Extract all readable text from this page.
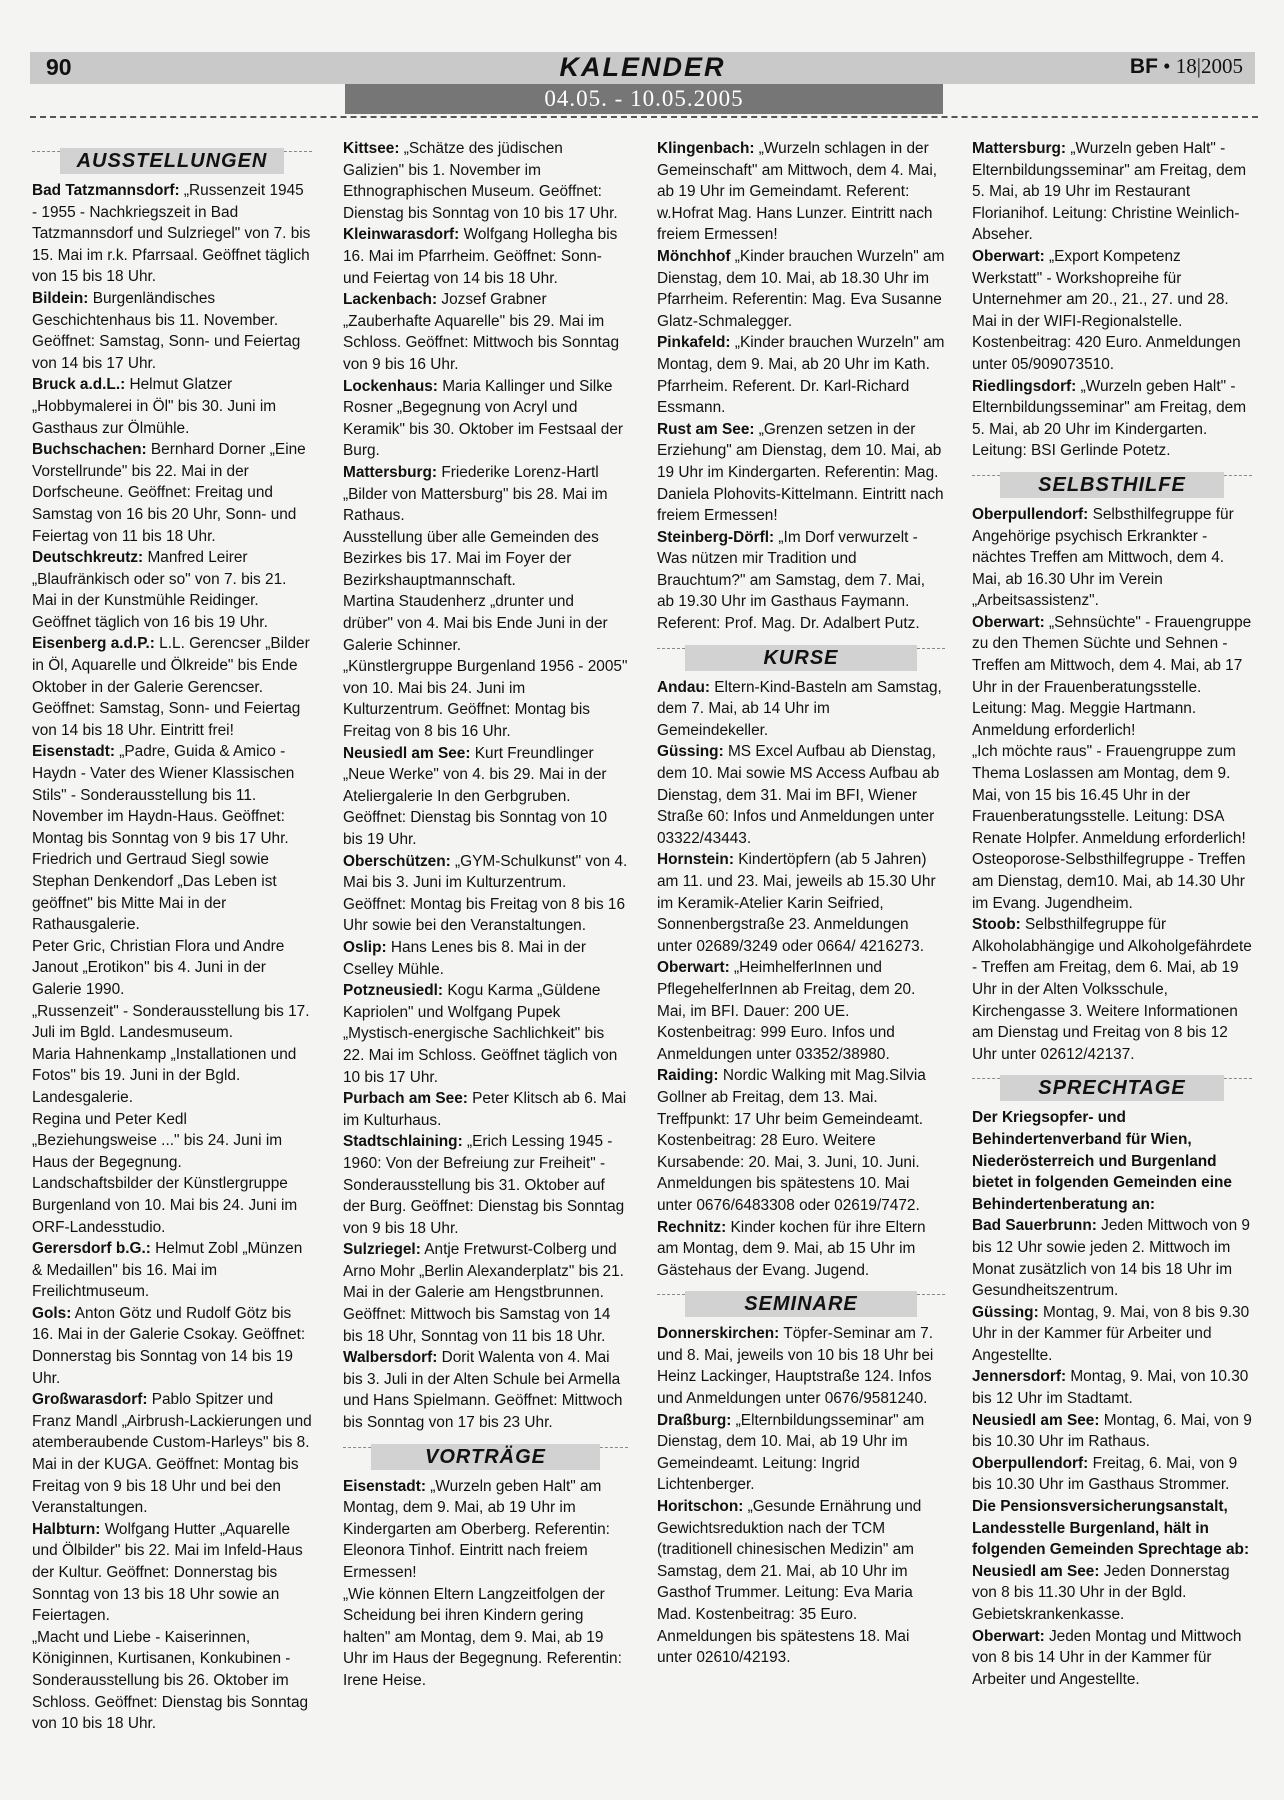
90	KALENDER	BF • 18|2005
04.05. - 10.05.2005
AUSSTELLUNGEN

Bad Tatzmannsdorf: „Russenzeit 1945 - 1955 - Nachkriegszeit in Bad Tatzmannsdorf und Sulzriegel" von 7. bis 15. Mai im r.k. Pfarrsaal. Geöffnet täglich von 15 bis 18 Uhr.

Bildein: Burgenländisches Geschichtenhaus bis 11. November. Geöffnet: Samstag, Sonn- und Feiertag von 14 bis 17 Uhr.

Bruck a.d.L.: Helmut Glatzer „Hobbymalerei in Öl" bis 30. Juni im Gasthaus zur Ölmühle.

Buchschachen: Bernhard Dorner „Eine Vorstellrunde" bis 22. Mai in der Dorfscheune. Geöffnet: Freitag und Samstag von 16 bis 20 Uhr, Sonn- und Feiertag von 11 bis 18 Uhr.

Deutschkreutz: Manfred Leirer „Blaufränkisch oder so" von 7. bis 21. Mai in der Kunstmühle Reidinger. Geöffnet täglich von 16 bis 19 Uhr.

Eisenberg a.d.P.: L.L. Gerencser „Bilder in Öl, Aquarelle und Ölkreide" bis Ende Oktober in der Galerie Gerencser. Geöffnet: Samstag, Sonn- und Feiertag von 14 bis 18 Uhr. Eintritt frei!

Eisenstadt: „Padre, Guida & Amico - Haydn - Vater des Wiener Klassischen Stils" - Sonderausstellung bis 11. November im Haydn-Haus. Geöffnet: Montag bis Sonntag von 9 bis 17 Uhr.

Friedrich und Gertraud Siegl sowie Stephan Denkendorf „Das Leben ist geöffnet" bis Mitte Mai in der Rathausgalerie.

Peter Gric, Christian Flora und Andre Janout „Erotikon" bis 4. Juni in der Galerie 1990.

„Russenzeit" - Sonderausstellung bis 17. Juli im Bgld. Landesmuseum.

Maria Hahnenkamp „Installationen und Fotos" bis 19. Juni in der Bgld. Landesgalerie.

Regina und Peter Kedl „Beziehungsweise ..." bis 24. Juni im Haus der Begegnung.

Landschaftsbilder der Künstlergruppe Burgenland von 10. Mai bis 24. Juni im ORF-Landesstudio.

Gerersdorf b.G.: Helmut Zobl „Münzen & Medaillen" bis 16. Mai im Freilichtmuseum.

Gols: Anton Götz und Rudolf Götz bis 16. Mai in der Galerie Csokay. Geöffnet: Donnerstag bis Sonntag von 14 bis 19 Uhr.

Großwarasdorf: Pablo Spitzer und Franz Mandl „Airbrush-Lackierungen und atemberaubende Custom-Harleys" bis 8. Mai in der KUGA. Geöffnet: Montag bis Freitag von 9 bis 18 Uhr und bei den Veranstaltungen.

Halbturn: Wolfgang Hutter „Aquarelle und Ölbilder" bis 22. Mai im Infeld-Haus der Kultur. Geöffnet: Donnerstag bis Sonntag von 13 bis 18 Uhr sowie an Feiertagen.

„Macht und Liebe - Kaiserinnen, Königinnen, Kurtisanen, Konkubinen - Sonderausstellung bis 26. Oktober im Schloss. Geöffnet: Dienstag bis Sonntag von 10 bis 18 Uhr.

Kittsee: „Schätze des jüdischen Galizien" bis 1. November im Ethnographischen Museum. Geöffnet: Dienstag bis Sonntag von 10 bis 17 Uhr.

Kleinwarasdorf: Wolfgang Hollegha bis 16. Mai im Pfarrheim. Geöffnet: Sonn- und Feiertag von 14 bis 18 Uhr.

Lackenbach: Jozsef Grabner „Zauberhafte Aquarelle" bis 29. Mai im Schloss. Geöffnet: Mittwoch bis Sonntag von 9 bis 16 Uhr.

Lockenhaus: Maria Kallinger und Silke Rosner „Begegnung von Acryl und Keramik" bis 30. Oktober im Festsaal der Burg.

Mattersburg: Friederike Lorenz-Hartl „Bilder von Mattersburg" bis 28. Mai im Rathaus.

Ausstellung über alle Gemeinden des Bezirkes bis 17. Mai im Foyer der Bezirkshauptmannschaft.

Martina Staudenherz „drunter und drüber" von 4. Mai bis Ende Juni in der Galerie Schinner.

„Künstlergruppe Burgenland 1956 - 2005" von 10. Mai bis 24. Juni im Kulturzentrum. Geöffnet: Montag bis Freitag von 8 bis 16 Uhr.

Neusiedl am See: Kurt Freundlinger „Neue Werke" von 4. bis 29. Mai in der Ateliergalerie In den Gerbgruben. Geöffnet: Dienstag bis Sonntag von 10 bis 19 Uhr.

Oberschützen: „GYM-Schulkunst" von 4. Mai bis 3. Juni im Kulturzentrum. Geöffnet: Montag bis Freitag von 8 bis 16 Uhr sowie bei den Veranstaltungen.

Oslip: Hans Lenes bis 8. Mai in der Cselley Mühle.

Potzneusiedl: Kogu Karma „Güldene Kapriolen" und Wolfgang Pupek „Mystisch-energische Sachlichkeit" bis 22. Mai im Schloss. Geöffnet täglich von 10 bis 17 Uhr.

Purbach am See: Peter Klitsch ab 6. Mai im Kulturhaus.

Stadtschlaining: „Erich Lessing 1945 - 1960: Von der Befreiung zur Freiheit" - Sonderausstellung bis 31. Oktober auf der Burg. Geöffnet: Dienstag bis Sonntag von 9 bis 18 Uhr.

Sulzriegel: Antje Fretwurst-Colberg und Arno Mohr „Berlin Alexanderplatz" bis 21. Mai in der Galerie am Hengstbrunnen. Geöffnet: Mittwoch bis Samstag von 14 bis 18 Uhr, Sonntag von 11 bis 18 Uhr.

Walbersdorf: Dorit Walenta von 4. Mai bis 3. Juli in der Alten Schule bei Armella und Hans Spielmann. Geöffnet: Mittwoch bis Sonntag von 17 bis 23 Uhr.

VORTRÄGE

Eisenstadt: „Wurzeln geben Halt" am Montag, dem 9. Mai, ab 19 Uhr im Kindergarten am Oberberg. Referentin: Eleonora Tinhof. Eintritt nach freiem Ermessen!

„Wie können Eltern Langzeitfolgen der Scheidung bei ihren Kindern gering halten" am Montag, dem 9. Mai, ab 19 Uhr im Haus der Begegnung. Referentin: Irene Heise.

Klingenbach: „Wurzeln schlagen in der Gemeinschaft" am Mittwoch, dem 4. Mai, ab 19 Uhr im Gemeindamt. Referent: w.Hofrat Mag. Hans Lunzer. Eintritt nach freiem Ermessen!

Mönchhof „Kinder brauchen Wurzeln" am Dienstag, dem 10. Mai, ab 18.30 Uhr im Pfarrheim. Referentin: Mag. Eva Susanne Glatz-Schmalegger.

Pinkafeld: „Kinder brauchen Wurzeln" am Montag, dem 9. Mai, ab 20 Uhr im Kath. Pfarrheim. Referent. Dr. Karl-Richard Essmann.

Rust am See: „Grenzen setzen in der Erziehung" am Dienstag, dem 10. Mai, ab 19 Uhr im Kindergarten. Referentin: Mag. Daniela Plohovits-Kittelmann. Eintritt nach freiem Ermessen!

Steinberg-Dörfl: „Im Dorf verwurzelt - Was nützen mir Tradition und Brauchtum?" am Samstag, dem 7. Mai, ab 19.30 Uhr im Gasthaus Faymann. Referent: Prof. Mag. Dr. Adalbert Putz.

KURSE

Andau: Eltern-Kind-Basteln am Samstag, dem 7. Mai, ab 14 Uhr im Gemeindekeller.

Güssing: MS Excel Aufbau ab Dienstag, dem 10. Mai sowie MS Access Aufbau ab Dienstag, dem 31. Mai im BFI, Wiener Straße 60: Infos und Anmeldungen unter 03322/43443.

Hornstein: Kindertöpfern (ab 5 Jahren) am 11. und 23. Mai, jeweils ab 15.30 Uhr im Keramik-Atelier Karin Seifried, Sonnenbergstraße 23. Anmeldungen unter 02689/3249 oder 0664/ 4216273.

Oberwart: „HeimhelferInnen und PflegehelferInnen ab Freitag, dem 20. Mai, im BFI. Dauer: 200 UE. Kostenbeitrag: 999 Euro. Infos und Anmeldungen unter 03352/38980.

Raiding: Nordic Walking mit Mag.Silvia Gollner ab Freitag, dem 13. Mai. Treffpunkt: 17 Uhr beim Gemeindeamt. Kostenbeitrag: 28 Euro. Weitere Kursabende: 20. Mai, 3. Juni, 10. Juni. Anmeldungen bis spätestens 10. Mai unter 0676/6483308 oder 02619/7472.

Rechnitz: Kinder kochen für ihre Eltern am Montag, dem 9. Mai, ab 15 Uhr im Gästehaus der Evang. Jugend.

SEMINARE

Donnerskirchen: Töpfer-Seminar am 7. und 8. Mai, jeweils von 10 bis 18 Uhr bei Heinz Lackinger, Hauptstraße 124. Infos und Anmeldungen unter 0676/9581240.

Draßburg: „Elternbildungsseminar" am Dienstag, dem 10. Mai, ab 19 Uhr im Gemeindeamt. Leitung: Ingrid Lichtenberger.

Horitschon: „Gesunde Ernährung und Gewichtsreduktion nach der TCM (traditionell chinesischen Medizin" am Samstag, dem 21. Mai, ab 10 Uhr im Gasthof Trummer. Leitung: Eva Maria Mad. Kostenbeitrag: 35 Euro. Anmeldungen bis spätestens 18. Mai unter 02610/42193.

Mattersburg: „Wurzeln geben Halt" - Elternbildungsseminar" am Freitag, dem 5. Mai, ab 19 Uhr im Restaurant Florianihof. Leitung: Christine Weinlich-Abseher.

Oberwart: „Export Kompetenz Werkstatt" - Workshopreihe für Unternehmer am 20., 21., 27. und 28. Mai in der WIFI-Regionalstelle. Kostenbeitrag: 420 Euro. Anmeldungen unter 05/909073510.

Riedlingsdorf: „Wurzeln geben Halt" - Elternbildungsseminar" am Freitag, dem 5. Mai, ab 20 Uhr im Kindergarten. Leitung: BSI Gerlinde Potetz.

SELBSTHILFE

Oberpullendorf: Selbsthilfegruppe für Angehörige psychisch Erkrankter - nächtes Treffen am Mittwoch, dem 4. Mai, ab 16.30 Uhr im Verein „Arbeitsassistenz".

Oberwart: „Sehnsüchte" - Frauengruppe zu den Themen Süchte und Sehnen - Treffen am Mittwoch, dem 4. Mai, ab 17 Uhr in der Frauenberatungsstelle. Leitung: Mag. Meggie Hartmann. Anmeldung erforderlich!

„Ich möchte raus" - Frauengruppe zum Thema Loslassen am Montag, dem 9. Mai, von 15 bis 16.45 Uhr in der Frauenberatungsstelle. Leitung: DSA Renate Holpfer. Anmeldung erforderlich!

Osteoporose-Selbsthilfegruppe - Treffen am Dienstag, dem10. Mai, ab 14.30 Uhr im Evang. Jugendheim.

Stoob: Selbsthilfegruppe für Alkoholabhängige und Alkoholgefährdete - Treffen am Freitag, dem 6. Mai, ab 19 Uhr in der Alten Volksschule, Kirchengasse 3. Weitere Informationen am Dienstag und Freitag von 8 bis 12 Uhr unter 02612/42137.

SPRECHTAGE

Der Kriegsopfer- und Behindertenverband für Wien, Niederösterreich und Burgenland bietet in folgenden Gemeinden eine Behindertenberatung an:

Bad Sauerbrunn: Jeden Mittwoch von 9 bis 12 Uhr sowie jeden 2. Mittwoch im Monat zusätzlich von 14 bis 18 Uhr im Gesundheitszentrum.

Güssing: Montag, 9. Mai, von 8 bis 9.30 Uhr in der Kammer für Arbeiter und Angestellte.

Jennersdorf: Montag, 9. Mai, von 10.30 bis 12 Uhr im Stadtamt.

Neusiedl am See: Montag, 6. Mai, von 9 bis 10.30 Uhr im Rathaus.

Oberpullendorf: Freitag, 6. Mai, von 9 bis 10.30 Uhr im Gasthaus Strommer.

Die Pensionsversicherungsanstalt, Landesstelle Burgenland, hält in folgenden Gemeinden Sprechtage ab:

Neusiedl am See: Jeden Donnerstag von 8 bis 11.30 Uhr in der Bgld. Gebietskrankenkasse.

Oberwart: Jeden Montag und Mittwoch von 8 bis 14 Uhr in der Kammer für Arbeiter und Angestellte.
